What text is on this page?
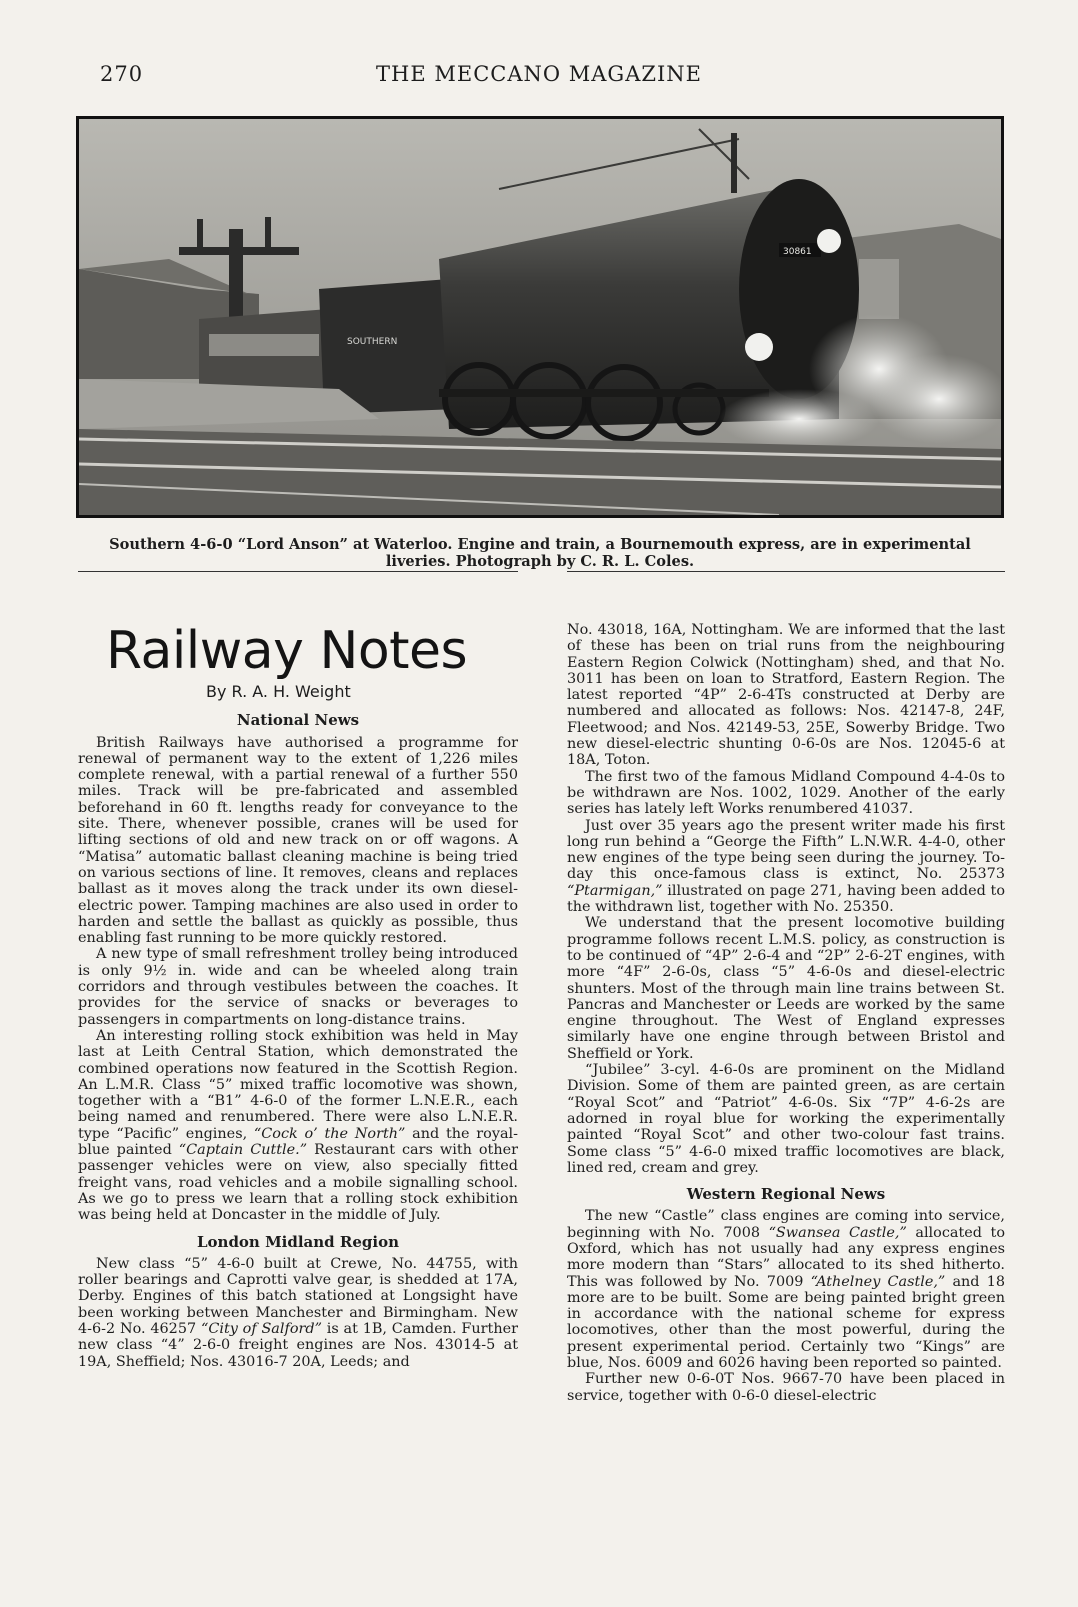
270	THE MECCANO MAGAZINE
SOUTHERN
30861
Southern 4-6-0 “Lord Anson” at Waterloo. Engine and train, a Bournemouth express, are in experimental liveries. Photograph by C. R. L. Coles.
Railway Notes
By R. A. H. Weight
National News

British Railways have authorised a programme for renewal of permanent way to the extent of 1,226 miles complete renewal, with a partial renewal of a further 550 miles. Track will be pre-fabricated and assembled beforehand in 60 ft. lengths ready for conveyance to the site. There, whenever possible, cranes will be used for lifting sections of old and new track on or off wagons. A “Matisa” automatic ballast cleaning machine is being tried on various sections of line. It removes, cleans and replaces ballast as it moves along the track under its own diesel-electric power. Tamping machines are also used in order to harden and settle the ballast as quickly as possible, thus enabling fast running to be more quickly restored.

A new type of small refreshment trolley being introduced is only 9½ in. wide and can be wheeled along train corridors and through vestibules between the coaches. It provides for the service of snacks or beverages to passengers in compartments on long-distance trains.

An interesting rolling stock exhibition was held in May last at Leith Central Station, which demonstrated the combined operations now featured in the Scottish Region. An L.M.R. Class “5” mixed traffic locomotive was shown, together with a “B1” 4-6-0 of the former L.N.E.R., each being named and renumbered. There were also L.N.E.R. type “Pacific” engines, “Cock o’ the North” and the royal-blue painted “Captain Cuttle.” Restaurant cars with other passenger vehicles were on view, also specially fitted freight vans, road vehicles and a mobile signalling school. As we go to press we learn that a rolling stock exhibition was being held at Doncaster in the middle of July.

London Midland Region

New class “5” 4-6-0 built at Crewe, No. 44755, with roller bearings and Caprotti valve gear, is shedded at 17A, Derby. Engines of this batch stationed at Longsight have been working between Manchester and Birmingham. New 4-6-2 No. 46257 “City of Salford” is at 1B, Camden. Further new class “4” 2-6-0 freight engines are Nos. 43014-5 at 19A, Sheffield; Nos. 43016-7 20A, Leeds; and

No. 43018, 16A, Nottingham. We are informed that the last of these has been on trial runs from the neighbouring Eastern Region Colwick (Nottingham) shed, and that No. 3011 has been on loan to Stratford, Eastern Region. The latest reported “4P” 2-6-4Ts constructed at Derby are numbered and allocated as follows: Nos. 42147-8, 24F, Fleetwood; and Nos. 42149-53, 25E, Sowerby Bridge. Two new diesel-electric shunting 0-6-0s are Nos. 12045-6 at 18A, Toton.

The first two of the famous Midland Compound 4-4-0s to be withdrawn are Nos. 1002, 1029. Another of the early series has lately left Works renumbered 41037.

Just over 35 years ago the present writer made his first long run behind a “George the Fifth” L.N.W.R. 4-4-0, other new engines of the type being seen during the journey. To-day this once-famous class is extinct, No. 25373 “Ptarmigan,” illustrated on page 271, having been added to the withdrawn list, together with No. 25350.

We understand that the present locomotive building programme follows recent L.M.S. policy, as construction is to be continued of “4P” 2-6-4 and “2P” 2-6-2T engines, with more “4F” 2-6-0s, class “5” 4-6-0s and diesel-electric shunters. Most of the through main line trains between St. Pancras and Manchester or Leeds are worked by the same engine throughout. The West of England expresses similarly have one engine through between Bristol and Sheffield or York.

“Jubilee” 3-cyl. 4-6-0s are prominent on the Midland Division. Some of them are painted green, as are certain “Royal Scot” and “Patriot” 4-6-0s. Six “7P” 4-6-2s are adorned in royal blue for working the experimentally painted “Royal Scot” and other two-colour fast trains. Some class “5” 4-6-0 mixed traffic locomotives are black, lined red, cream and grey.

Western Regional News

The new “Castle” class engines are coming into service, beginning with No. 7008 “Swansea Castle,” allocated to Oxford, which has not usually had any express engines more modern than “Stars” allocated to its shed hitherto. This was followed by No. 7009 “Athelney Castle,” and 18 more are to be built. Some are being painted bright green in accordance with the national scheme for express locomotives, other than the most powerful, during the present experimental period. Certainly two “Kings” are blue, Nos. 6009 and 6026 having been reported so painted.

Further new 0-6-0T Nos. 9667-70 have been placed in service, together with 0-6-0 diesel-electric
